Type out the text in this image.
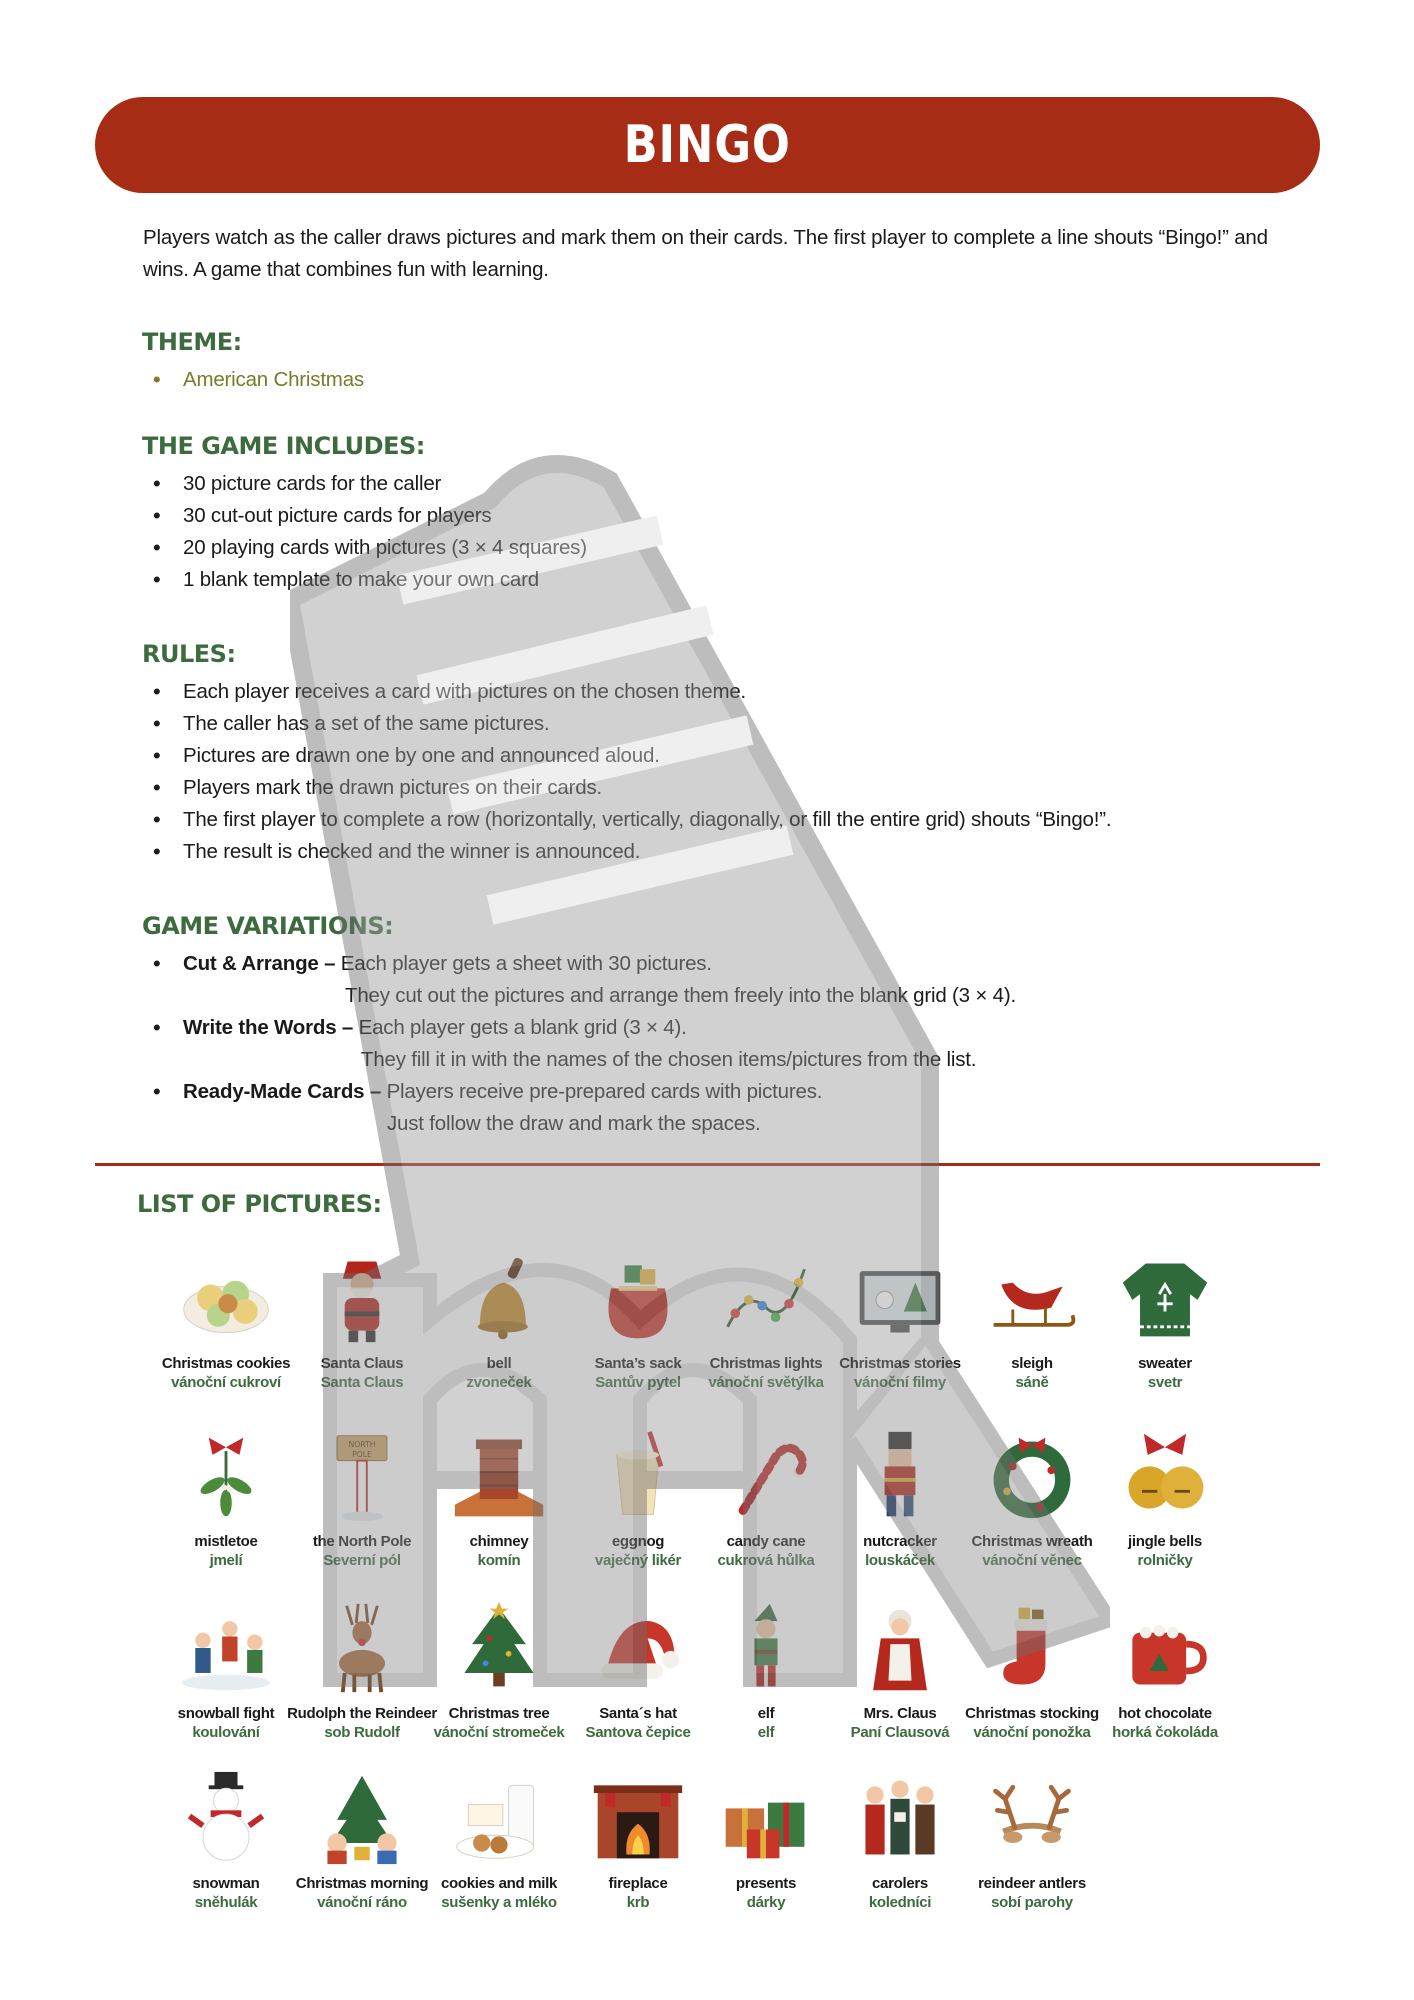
BINGO

Players watch as the caller draws pictures and mark them on their cards. The first player to complete a line shouts “Bingo!” and wins. A game that combines fun with learning.

THEME:
• American Christmas
THE GAME INCLUDES:
• 30 picture cards for the caller
• 30 cut-out picture cards for players
• 20 playing cards with pictures (3 × 4 squares)
• 1 blank template to make your own card
RULES:
• Each player receives a card with pictures on the chosen theme.
• The caller has a set of the same pictures.
• Pictures are drawn one by one and announced aloud.
• Players mark the drawn pictures on their cards.
• The first player to complete a row (horizontally, vertically, diagonally, or fill the entire grid) shouts “Bingo!”.
• The result is checked and the winner is announced.
GAME VARIATIONS:
• Cut & Arrange – Each player gets a sheet with 30 pictures.
They cut out the pictures and arrange them freely into the blank grid (3 × 4).
• Write the Words – Each player gets a blank grid (3 × 4).
They fill it in with the names of the chosen items/pictures from the list.
• Ready-Made Cards – Players receive pre-prepared cards with pictures.
Just follow the draw and mark the spaces.
LIST OF PICTURES:
Christmas cookies
vánoční cukroví
Santa Claus
Santa Claus
bell
zvoneček
Santa’s sack
Santův pytel
Christmas lights
vánoční světýlka
Christmas stories
vánoční filmy
sleigh
sáně
sweater
svetr
mistletoe
jmelí
NORTH
POLE
the North Pole
Severní pól
chimney
komín
eggnog
vaječný likér
candy cane
cukrová hůlka
nutcracker
louskáček
Christmas wreath
vánoční věnec
jingle bells
rolničky
snowball fight
koulování
Rudolph the Reindeer
sob Rudolf
Christmas tree
vánoční stromeček
Santa´s hat
Santova čepice
elf
elf
Mrs. Claus
Paní Clausová
Christmas stocking
vánoční ponožka
hot chocolate
horká čokoláda
snowman
sněhulák
Christmas morning
vánoční ráno
cookies and milk
sušenky a mléko
fireplace
krb
presents
dárky
carolers
koledníci
reindeer antlers
sobí parohy
